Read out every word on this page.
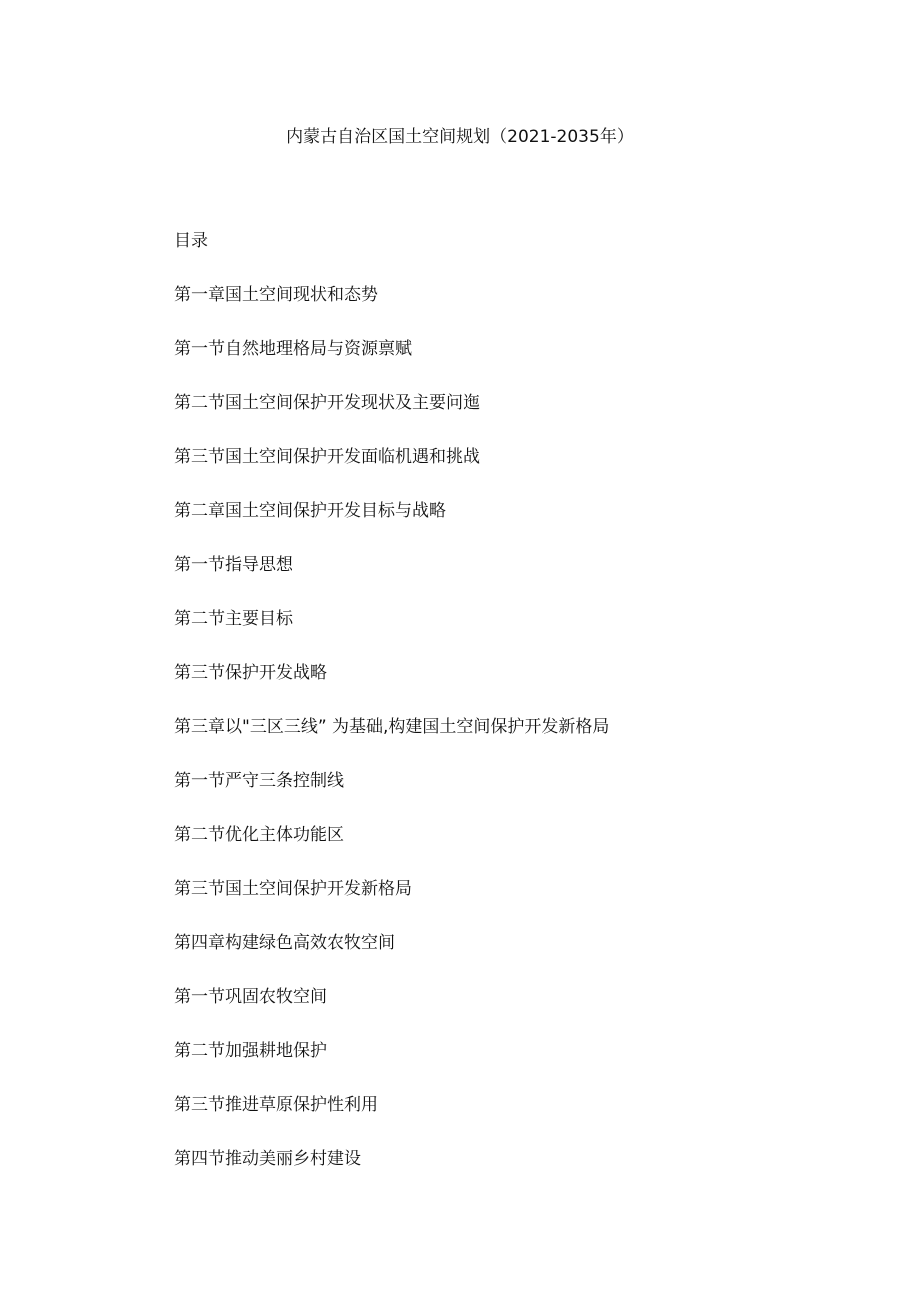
内蒙古自治区国土空间规划（2021-2035年）
目录
第一章国土空间现状和态势
第一节自然地理格局与资源禀赋
第二节国土空间保护开发现状及主要问迤
第三节国土空间保护开发面临机遇和挑战
第二章国土空间保护开发目标与战略
第一节指导思想
第二节主要目标
第三节保护开发战略
第三章以"三区三线” 为基础,构建国土空间保护开发新格局
第一节严守三条控制线
第二节优化主体功能区
第三节国土空间保护开发新格局
第四章构建绿色高效农牧空间
第一节巩固农牧空间
第二节加强耕地保护
第三节推进草原保护性利用
第四节推动美丽乡村建设
